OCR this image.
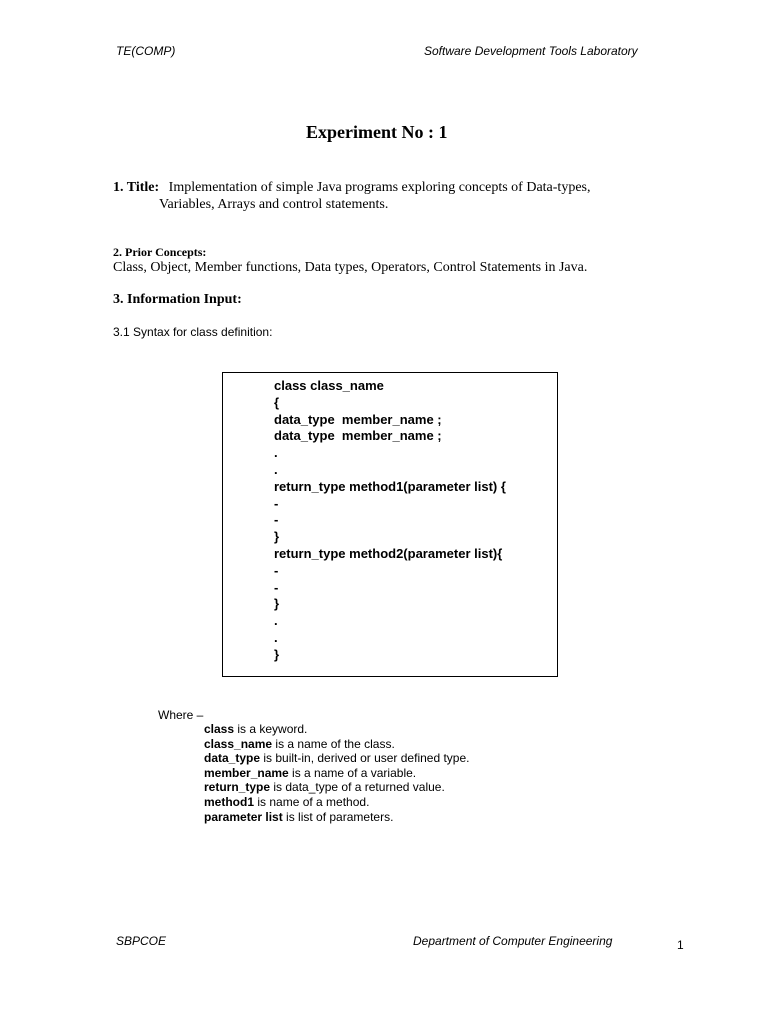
TE(COMP)	Software Development Tools Laboratory
Experiment No : 1
1. Title: Implementation of simple Java programs exploring concepts of Data-types,
Variables, Arrays and control statements.
2. Prior Concepts:
Class, Object, Member functions, Data types, Operators, Control Statements in Java.
3. Information Input:
3.1 Syntax for class definition:
class class_name
{
data_type  member_name ;
data_type  member_name ;
.
.
return_type method1(parameter list) {
-
-
}
return_type method2(parameter list){
-
-
}
.
.
}
Where –
class is a keyword.
class_name is a name of the class.
data_type is built-in, derived or user defined type.
member_name is a name of a variable.
return_type is data_type of a returned value.
method1 is name of a method.
parameter list is list of parameters.
SBPCOE	Department of Computer Engineering	1
